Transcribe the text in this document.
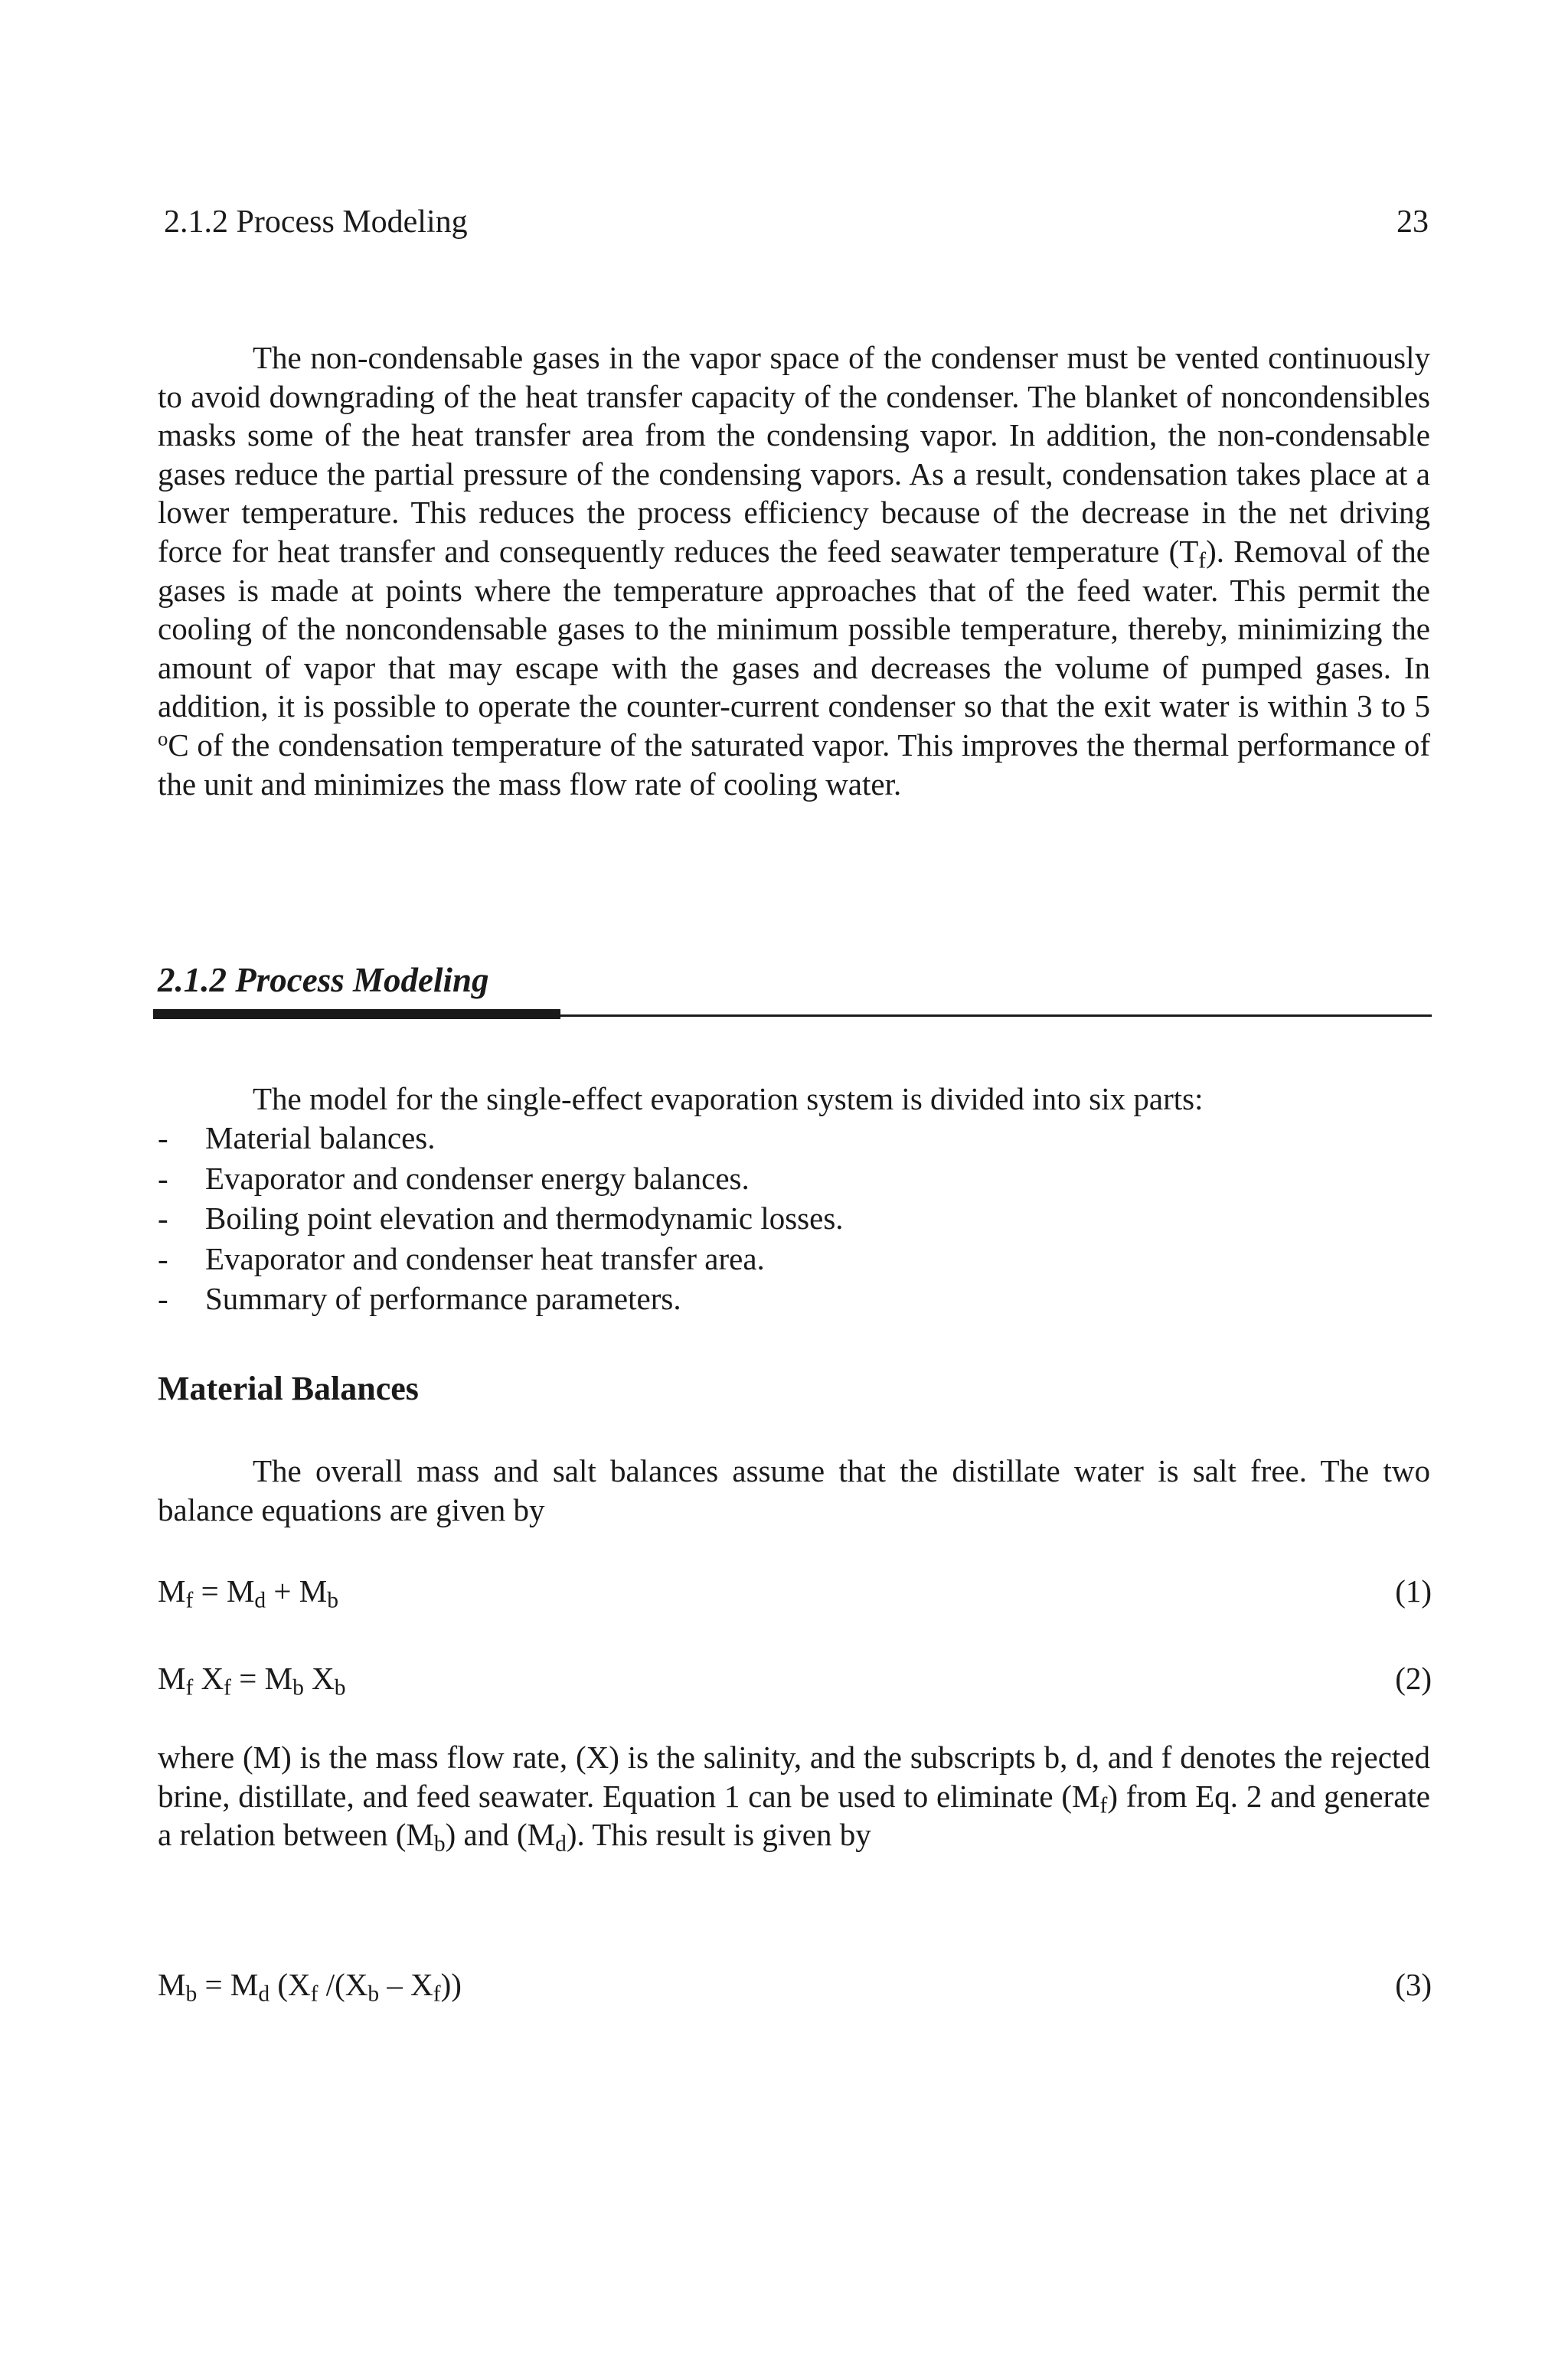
2.1.2 Process Modeling	23

The non-condensable gases in the vapor space of the condenser must be vented continuously to avoid downgrading of the heat transfer capacity of the condenser. The blanket of noncondensibles masks some of the heat transfer area from the condensing vapor. In addition, the non-condensable gases reduce the partial pressure of the condensing vapors. As a result, condensation takes place at a lower temperature. This reduces the process efficiency because of the decrease in the net driving force for heat transfer and consequently reduces the feed seawater temperature $(T_f)$. Removal of the gases is made at points where the temperature approaches that of the feed water. This permit the cooling of the noncondensable gases to the minimum possible temperature, thereby, minimizing the amount of vapor that may escape with the gases and decreases the volume of pumped gases. In addition, it is possible to operate the counter-current condenser so that the exit water is within 3 to 5 $^o$C of the condensation temperature of the saturated vapor. This improves the thermal performance of the unit and minimizes the mass flow rate of cooling water.

2.1.2 Process Modeling
The model for the single-effect evaporation system is divided into six parts:
- Material balances.
- Evaporator and condenser energy balances.
- Boiling point elevation and thermodynamic losses.
- Evaporator and condenser heat transfer area.
- Summary of performance parameters.
Material Balances

The overall mass and salt balances assume that the distillate water is salt free. The two balance equations are given by

$M_f = M_d + M_b$	(1)
$M_f$ $X_f = M_b$ $X_b$	(2)

where (M) is the mass flow rate, (X) is the salinity, and the subscripts b, d, and f denotes the rejected brine, distillate, and feed seawater. Equation 1 can be used to eliminate $(M_f)$ from Eq. 2 and generate a relation between $(M_b)$ and $(M_d)$. This result is given by

$M_b = M_d$ ($X_f$ $/(X_b - X_f)$)	(3)
